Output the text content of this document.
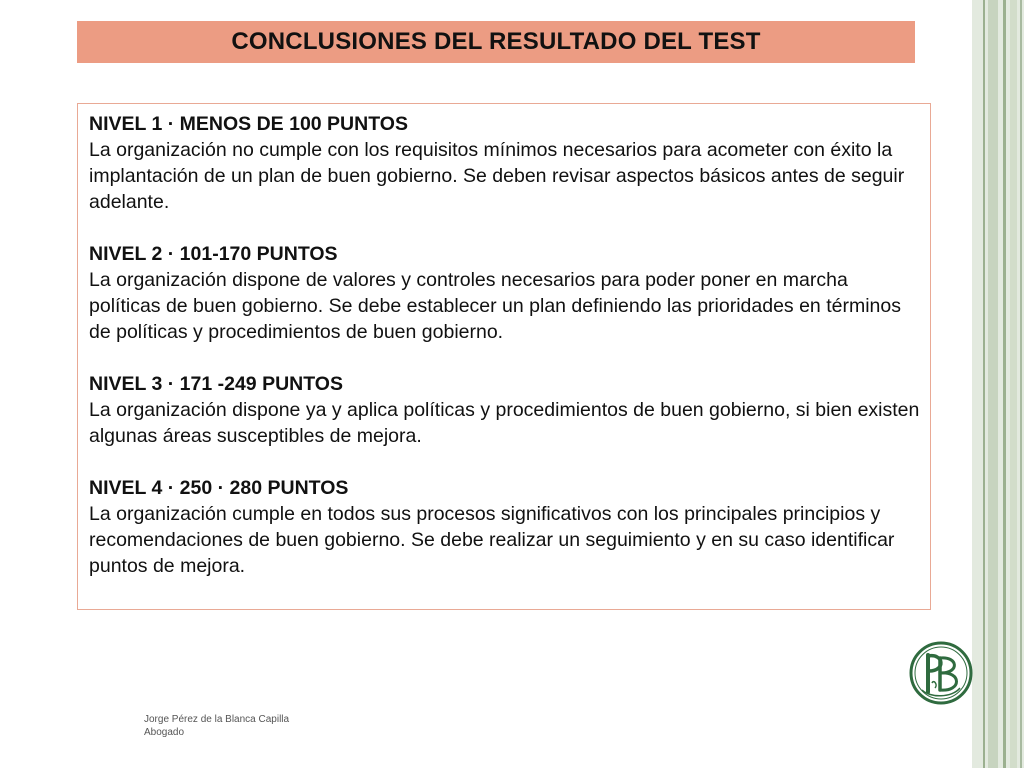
CONCLUSIONES DEL RESULTADO DEL TEST
NIVEL 1 · MENOS DE 100 PUNTOS
La organización no cumple con los requisitos mínimos necesarios para acometer con éxito la implantación de un plan de buen gobierno. Se deben revisar aspectos básicos antes de seguir adelante.
NIVEL 2 · 101-170 PUNTOS
La organización dispone de valores y controles necesarios para poder poner en marcha políticas de buen gobierno. Se debe establecer un plan definiendo las prioridades en términos de políticas y procedimientos de buen gobierno.
NIVEL 3 · 171 -249 PUNTOS
La organización dispone ya y aplica políticas y procedimientos de buen gobierno, si bien existen algunas áreas susceptibles de mejora.
NIVEL 4 · 250 · 280 PUNTOS
La organización cumple en todos sus procesos significativos con los principales principios y recomendaciones de buen gobierno. Se debe realizar un seguimiento y en su caso identificar puntos de mejora.
Jorge Pérez de la Blanca Capilla
Abogado
